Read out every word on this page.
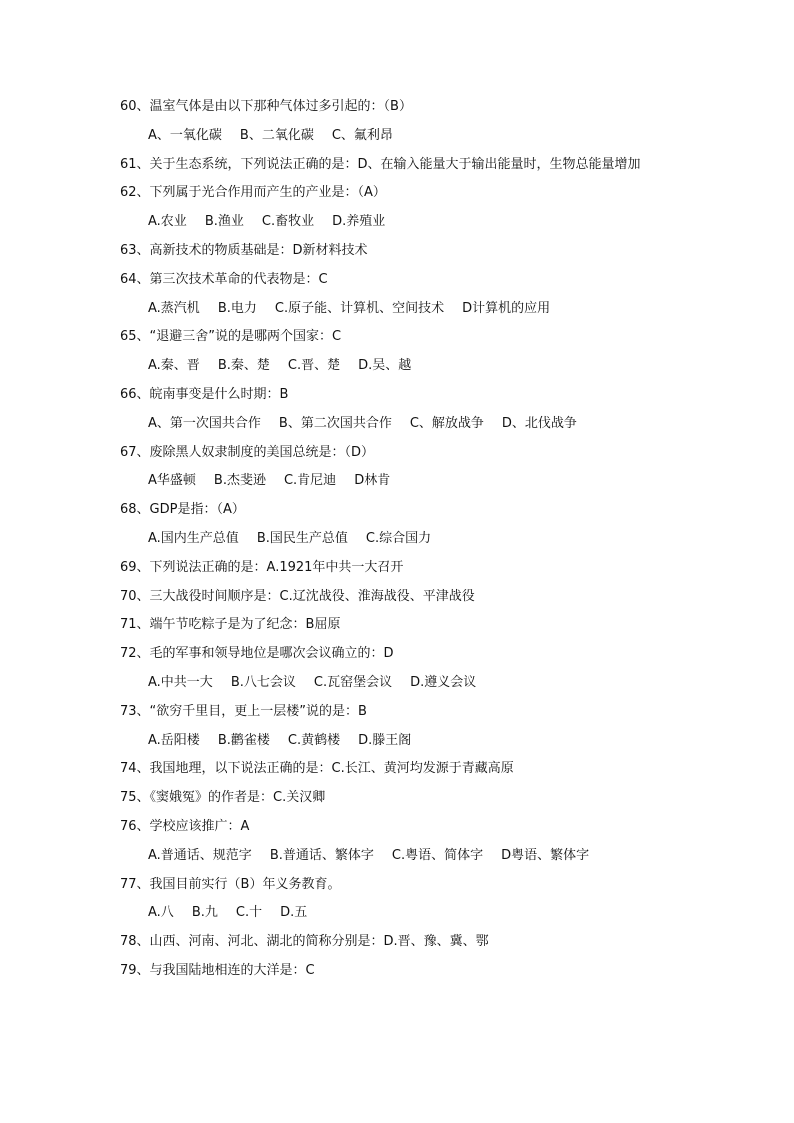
60、温室气体是由以下那种气体过多引起的：（B）
A、一氧化碳 B、二氧化碳 C、氟利昂
61、关于生态系统，下列说法正确的是：D、在输入能量大于输出能量时，生物总能量增加
62、下列属于光合作用而产生的产业是：（A）
A.农业 B.渔业 C.畜牧业 D.养殖业
63、高新技术的物质基础是：D新材料技术
64、第三次技术革命的代表物是：C
A.蒸汽机 B.电力 C.原子能、计算机、空间技术 D计算机的应用
65、“退避三舍”说的是哪两个国家：C
A.秦、晋 B.秦、楚 C.晋、楚 D.吴、越
66、皖南事变是什么时期：B
A、第一次国共合作 B、第二次国共合作 C、解放战争 D、北伐战争
67、废除黑人奴隶制度的美国总统是：（D）
A华盛顿 B.杰斐逊 C.肯尼迪 D林肯
68、GDP是指：（A）
A.国内生产总值 B.国民生产总值 C.综合国力
69、下列说法正确的是：A.1921年中共一大召开
70、三大战役时间顺序是：C.辽沈战役、淮海战役、平津战役
71、端午节吃粽子是为了纪念：B屈原
72、毛的军事和领导地位是哪次会议确立的：D
A.中共一大 B.八七会议 C.瓦窑堡会议 D.遵义会议
73、“欲穷千里目，更上一层楼”说的是：B
A.岳阳楼 B.鹳雀楼 C.黄鹤楼 D.滕王阁
74、我国地理，以下说法正确的是：C.长江、黄河均发源于青藏高原
75、《窦娥冤》的作者是：C.关汉卿
76、学校应该推广：A
A.普通话、规范字 B.普通话、繁体字 C.粤语、简体字 D粤语、繁体字
77、我国目前实行（B）年义务教育。
A.八 B.九 C.十 D.五
78、山西、河南、河北、湖北的简称分别是：D.晋、豫、冀、鄂
79、与我国陆地相连的大洋是：C
